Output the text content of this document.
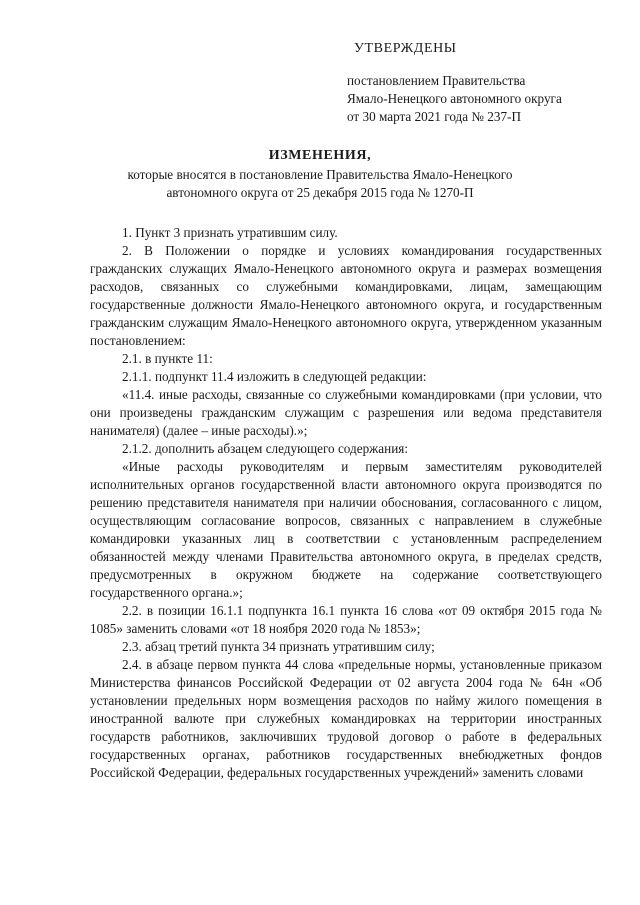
УТВЕРЖДЕНЫ
постановлением Правительства
Ямало-Ненецкого автономного округа
от 30 марта 2021 года № 237-П
ИЗМЕНЕНИЯ,
которые вносятся в постановление Правительства Ямало-Ненецкого
автономного округа от 25 декабря 2015 года № 1270-П

1. Пункт 3 признать утратившим силу.

2. В Положении о порядке и условиях командирования государственных гражданских служащих Ямало-Ненецкого автономного округа и размерах возмещения расходов, связанных со служебными командировками, лицам, замещающим государственные должности Ямало-Ненецкого автономного округа, и государственным гражданским служащим Ямало-Ненецкого автономного округа, утвержденном указанным постановлением:

2.1. в пункте 11:

2.1.1. подпункт 11.4 изложить в следующей редакции:

«11.4. иные расходы, связанные со служебными командировками (при условии, что они произведены гражданским служащим с разрешения или ведома представителя нанимателя) (далее – иные расходы).»;

2.1.2. дополнить абзацем следующего содержания:

«Иные расходы руководителям и первым заместителям руководителей исполнительных органов государственной власти автономного округа производятся по решению представителя нанимателя при наличии обоснования, согласованного с лицом, осуществляющим согласование вопросов, связанных с направлением в служебные командировки указанных лиц в соответствии с установленным распределением обязанностей между членами Правительства автономного округа, в пределах средств, предусмотренных в окружном бюджете на содержание соответствующего государственного органа.»;

2.2. в позиции 16.1.1 подпункта 16.1 пункта 16 слова «от 09 октября 2015 года № 1085» заменить словами «от 18 ноября 2020 года № 1853»;

2.3. абзац третий пункта 34 признать утратившим силу;

2.4. в абзаце первом пункта 44 слова «предельные нормы, установленные приказом Министерства финансов Российской Федерации от 02 августа 2004 года № 64н «Об установлении предельных норм возмещения расходов по найму жилого помещения в иностранной валюте при служебных командировках на территории иностранных государств работников, заключивших трудовой договор о работе в федеральных государственных органах, работников государственных внебюджетных фондов Российской Федерации, федеральных государственных учреждений» заменить словами
